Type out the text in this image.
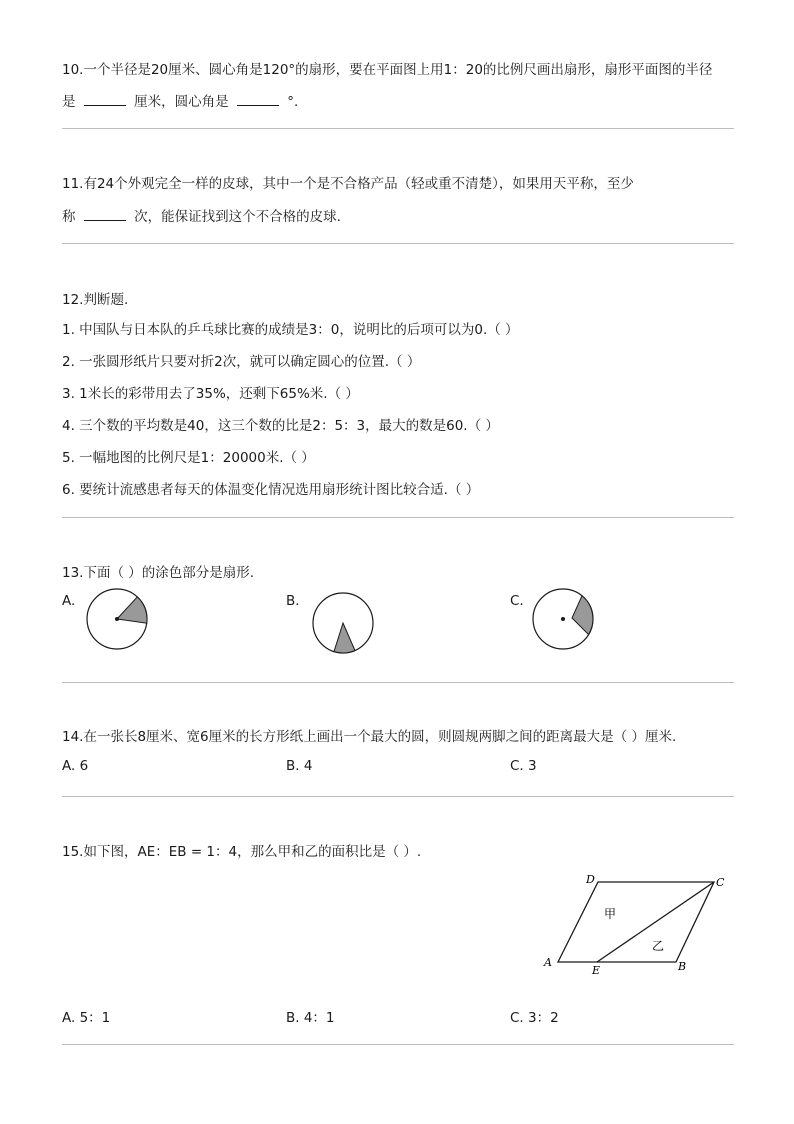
10.一个半径是20厘米、圆心角是120°的扇形，要在平面图上用1：20的比例尺画出扇形，扇形平面图的半径
是	厘米，圆心角是	°.
11.有24个外观完全一样的皮球，其中一个是不合格产品（轻或重不清楚），如果用天平称，至少
称	次，能保证找到这个不合格的皮球.
12.判断题.
1. 中国队与日本队的乒乓球比赛的成绩是3：0，说明比的后项可以为0.（ ）
2. 一张圆形纸片只要对折2次，就可以确定圆心的位置.（ ）
3. 1米长的彩带用去了35%，还剩下65%米.（ ）
4. 三个数的平均数是40，这三个数的比是2：5：3，最大的数是60.（ ）
5. 一幅地图的比例尺是1：20000米.（ ）
6. 要统计流感患者每天的体温变化情况选用扇形统计图比较合适.（ ）
13.下面（ ）的涂色部分是扇形.
A.	B.	C.
14.在一张长8厘米、宽6厘米的长方形纸上画出一个最大的圆，则圆规两脚之间的距离最大是（ ）厘米.
A. 6	B. 4	C. 3
15.如下图，AE：EB = 1：4，那么甲和乙的面积比是（ ）.
A	B
C
D
E
甲
乙
A. 5：1	B. 4：1	C. 3：2
